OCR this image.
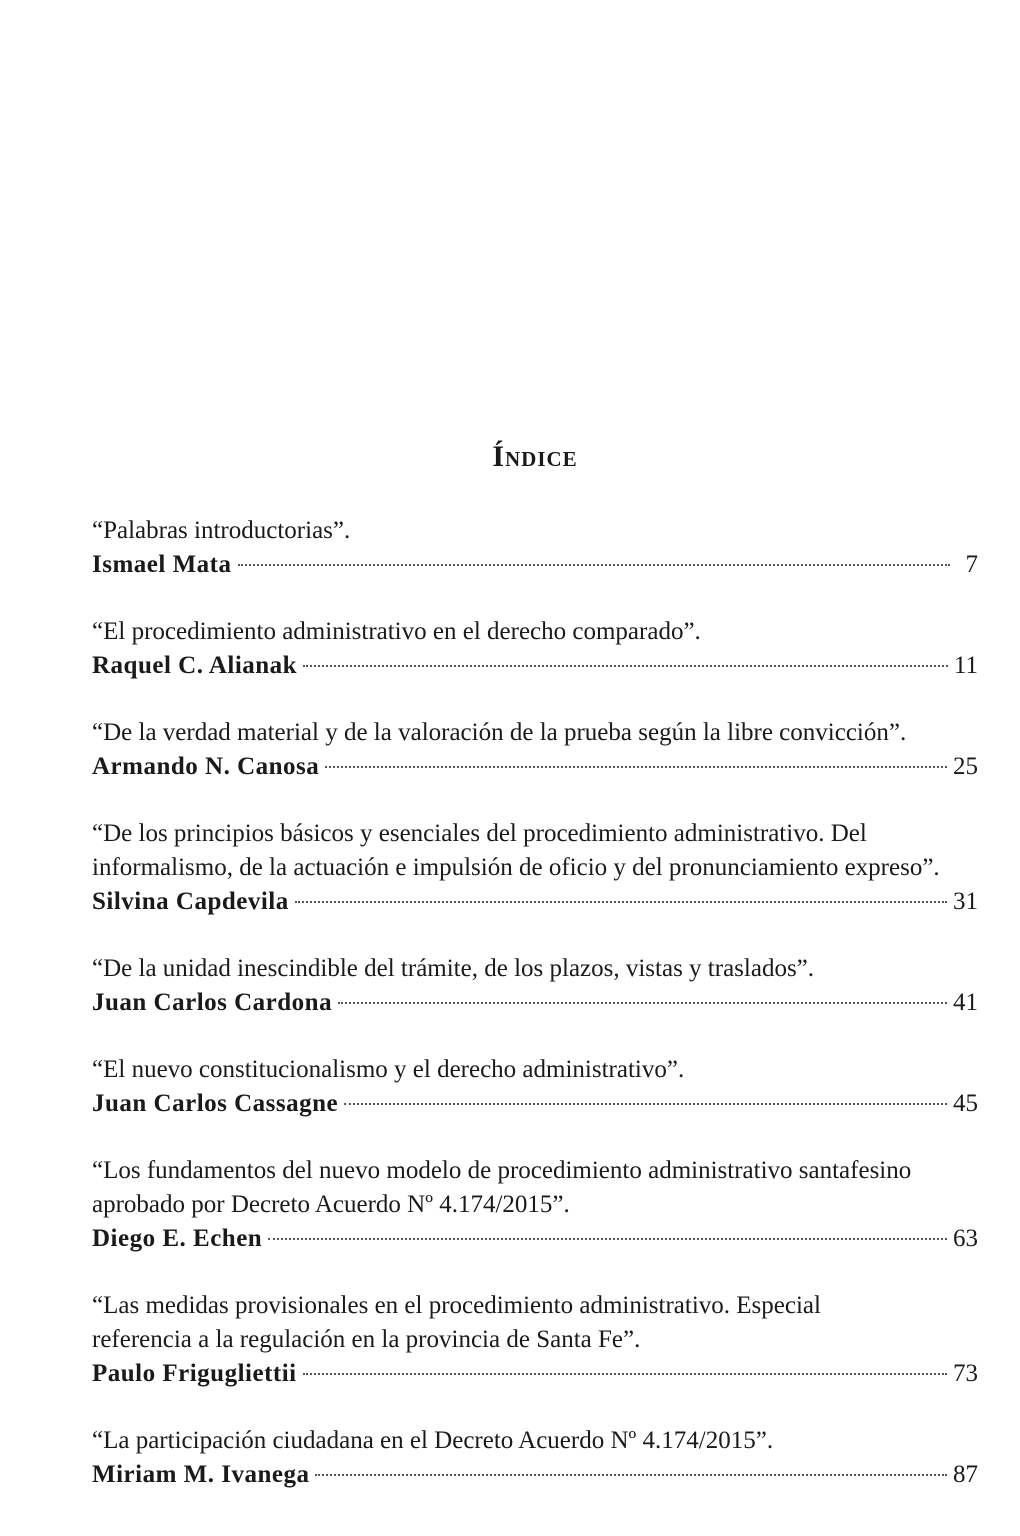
Índice
“Palabras introductorias”.
Ismael Mata	7
“El procedimiento administrativo en el derecho comparado”.
Raquel C. Alianak	11
“De la verdad material y de la valoración de la prueba según la libre convicción”.
Armando N. Canosa	25
“De los principios básicos y esenciales del procedimiento administrativo. Del
informalismo, de la actuación e impulsión de oficio y del pronunciamiento expreso”.
Silvina Capdevila	31
“De la unidad inescindible del trámite, de los plazos, vistas y traslados”.
Juan Carlos Cardona	41
“El nuevo constitucionalismo y el derecho administrativo”.
Juan Carlos Cassagne	45
“Los fundamentos del nuevo modelo de procedimiento administrativo santafesino
aprobado por Decreto Acuerdo Nº 4.174/2015”.
Diego E. Echen	63
“Las medidas provisionales en el procedimiento administrativo. Especial
referencia a la regulación en la provincia de Santa Fe”.
Paulo Frigugliettii	73
“La participación ciudadana en el Decreto Acuerdo Nº 4.174/2015”.
Miriam M. Ivanega	87
